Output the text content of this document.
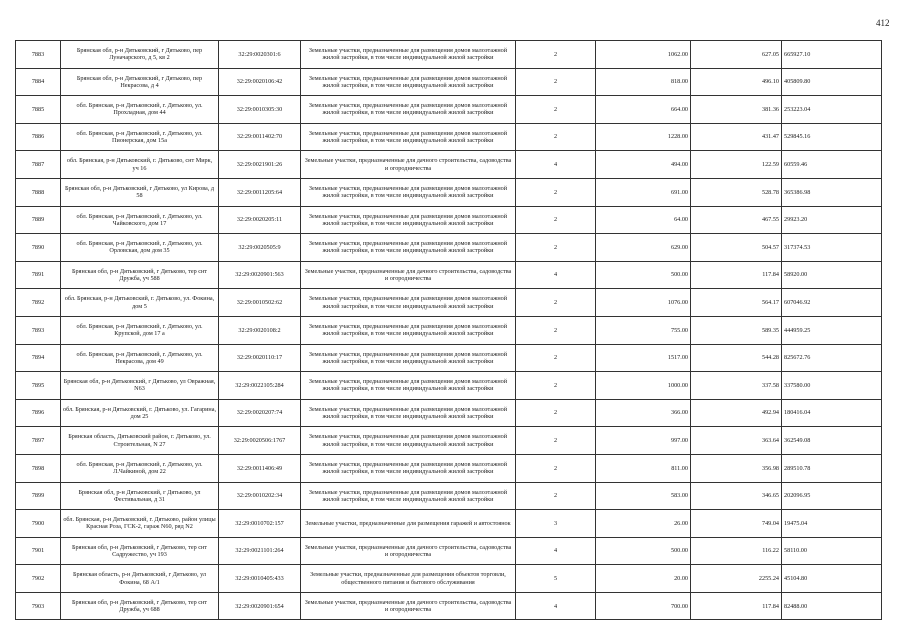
412
7883	Брянская обл, р-н Дятьковский, г Дятьково, пер Луначарского, д 5, кв 2	32:29:0020301:6	Земельные участки, предназначенные для размещения домов малоэтажной жилой застройки, в том числе индивидуальной жилой застройки	2	1062.00	627.05	665927.10
7884	Брянская обл, р-н Дятьковский, г Дятьково, пер Некрасова, д 4	32:29:0020106:42	Земельные участки, предназначенные для размещения домов малоэтажной жилой застройки, в том числе индивидуальной жилой застройки	2	818.00	496.10	405809.80
7885	обл. Брянская, р-н Дятьковский, г. Дятьково, ул. Прохладная, дом 44	32:29:0010305:30	Земельные участки, предназначенные для размещения домов малоэтажной жилой застройки, в том числе индивидуальной жилой застройки	2	664.00	381.36	253223.04
7886	обл. Брянская, р-н Дятьковский, г. Дятьково, ул. Пионерская, дом 15а	32:29:0011402:70	Земельные участки, предназначенные для размещения домов малоэтажной жилой застройки, в том числе индивидуальной жилой застройки	2	1228.00	431.47	529845.16
7887	обл. Брянская, р-н Дятьковский, г. Дятьково, снт Мирк, уч 16	32:29:0021901:26	Земельные участки, предназначенные для дачного строительства, садоводства и огородничества	4	494.00	122.59	60559.46
7888	Брянская обл, р-н Дятьковский, г Дятьково, ул Кирова, д 58	32:29:0011205:64	Земельные участки, предназначенные для размещения домов малоэтажной жилой застройки, в том числе индивидуальной жилой застройки	2	691.00	528.78	365386.98
7889	обл. Брянская, р-н Дятьковский, г. Дятьково, ул. Чайковского, дом 17	32:29:0020205:11	Земельные участки, предназначенные для размещения домов малоэтажной жилой застройки, в том числе индивидуальной жилой застройки	2	64.00	467.55	29923.20
7890	обл. Брянская, р-н Дятьковский, г. Дятьково, ул. Орловская, дом дом 35	32:29:0020505:9	Земельные участки, предназначенные для размещения домов малоэтажной жилой застройки, в том числе индивидуальной жилой застройки	2	629.00	504.57	317374.53
7891	Брянская обл, р-н Дятьковский, г Дятьково, тер снт Дружба, уч 588	32:29:0020901:563	Земельные участки, предназначенные для дачного строительства, садоводства и огородничества	4	500.00	117.84	58920.00
7892	обл. Брянская, р-н Дятьковский, г. Дятьково, ул. Фокина, дом 5	32:29:0010502:62	Земельные участки, предназначенные для размещения домов малоэтажной жилой застройки, в том числе индивидуальной жилой застройки	2	1076.00	564.17	607046.92
7893	обл. Брянская, р-н Дятьковский, г. Дятьково, ул. Крупской, дом 17 а	32:29:0020108:2	Земельные участки, предназначенные для размещения домов малоэтажной жилой застройки, в том числе индивидуальной жилой застройки	2	755.00	589.35	444959.25
7894	обл. Брянская, р-н Дятьковский, г. Дятьково, ул. Некрасова, дом 49	32:29:0020110:17	Земельные участки, предназначенные для размещения домов малоэтажной жилой застройки, в том числе индивидуальной жилой застройки	2	1517.00	544.28	825672.76
7895	Брянская обл, р-н Дятьковский, г Дятьково, ул Овражная, N63	32:29:0022105:284	Земельные участки, предназначенные для размещения домов малоэтажной жилой застройки, в том числе индивидуальной жилой застройки	2	1000.00	337.58	337580.00
7896	обл. Брянская, р-н Дятьковский, г. Дятьково, ул. Гагарина, дом 25	32:29:0020207:74	Земельные участки, предназначенные для размещения домов малоэтажной жилой застройки, в том числе индивидуальной жилой застройки	2	366.00	492.94	180416.04
7897	Брянская область, Дятьковский район, г. Дятьково, ул. Строительная, N 27	32:29:0020506:1767	Земельные участки, предназначенные для размещения домов малоэтажной жилой застройки, в том числе индивидуальной жилой застройки	2	997.00	363.64	362549.08
7898	обл. Брянская, р-н Дятьковский, г. Дятьково, ул. Л.Чайкиной, дом 22	32:29:0011406:49	Земельные участки, предназначенные для размещения домов малоэтажной жилой застройки, в том числе индивидуальной жилой застройки	2	811.00	356.98	289510.78
7899	Брянская обл, р-н Дятьковский, г Дятьково, ул Фестивальная, д 31	32:29:0010202:34	Земельные участки, предназначенные для размещения домов малоэтажной жилой застройки, в том числе индивидуальной жилой застройки	2	583.00	346.65	202096.95
7900	обл. Брянская, р-н Дятьковский, г. Дятьково, район улицы Красная Роза, ГСК-2, гараж N60, ряд N2	32:29:0010702:157	Земельные участки, предназначенные для размещения гаражей и автостоянок	3	26.00	749.04	19475.04
7901	Брянская обл, р-н Дятьковский, г Дятьково, тер снт Садружество, уч 193	32:29:0021101:264	Земельные участки, предназначенные для дачного строительства, садоводства и огородничества	4	500.00	116.22	58110.00
7902	Брянская область, р-н Дятьковский, г Дятьково, ул Фокина, 68 А/1	32:29:0010405:433	Земельные участки, предназначенные для размещения объектов торговли, общественного питания и бытового обслуживания	5	20.00	2255.24	45104.80
7903	Брянская обл, р-н Дятьковский, г Дятьково, тер снт Дружба, уч 688	32:29:0020901:654	Земельные участки, предназначенные для дачного строительства, садоводства и огородничества	4	700.00	117.84	82488.00
